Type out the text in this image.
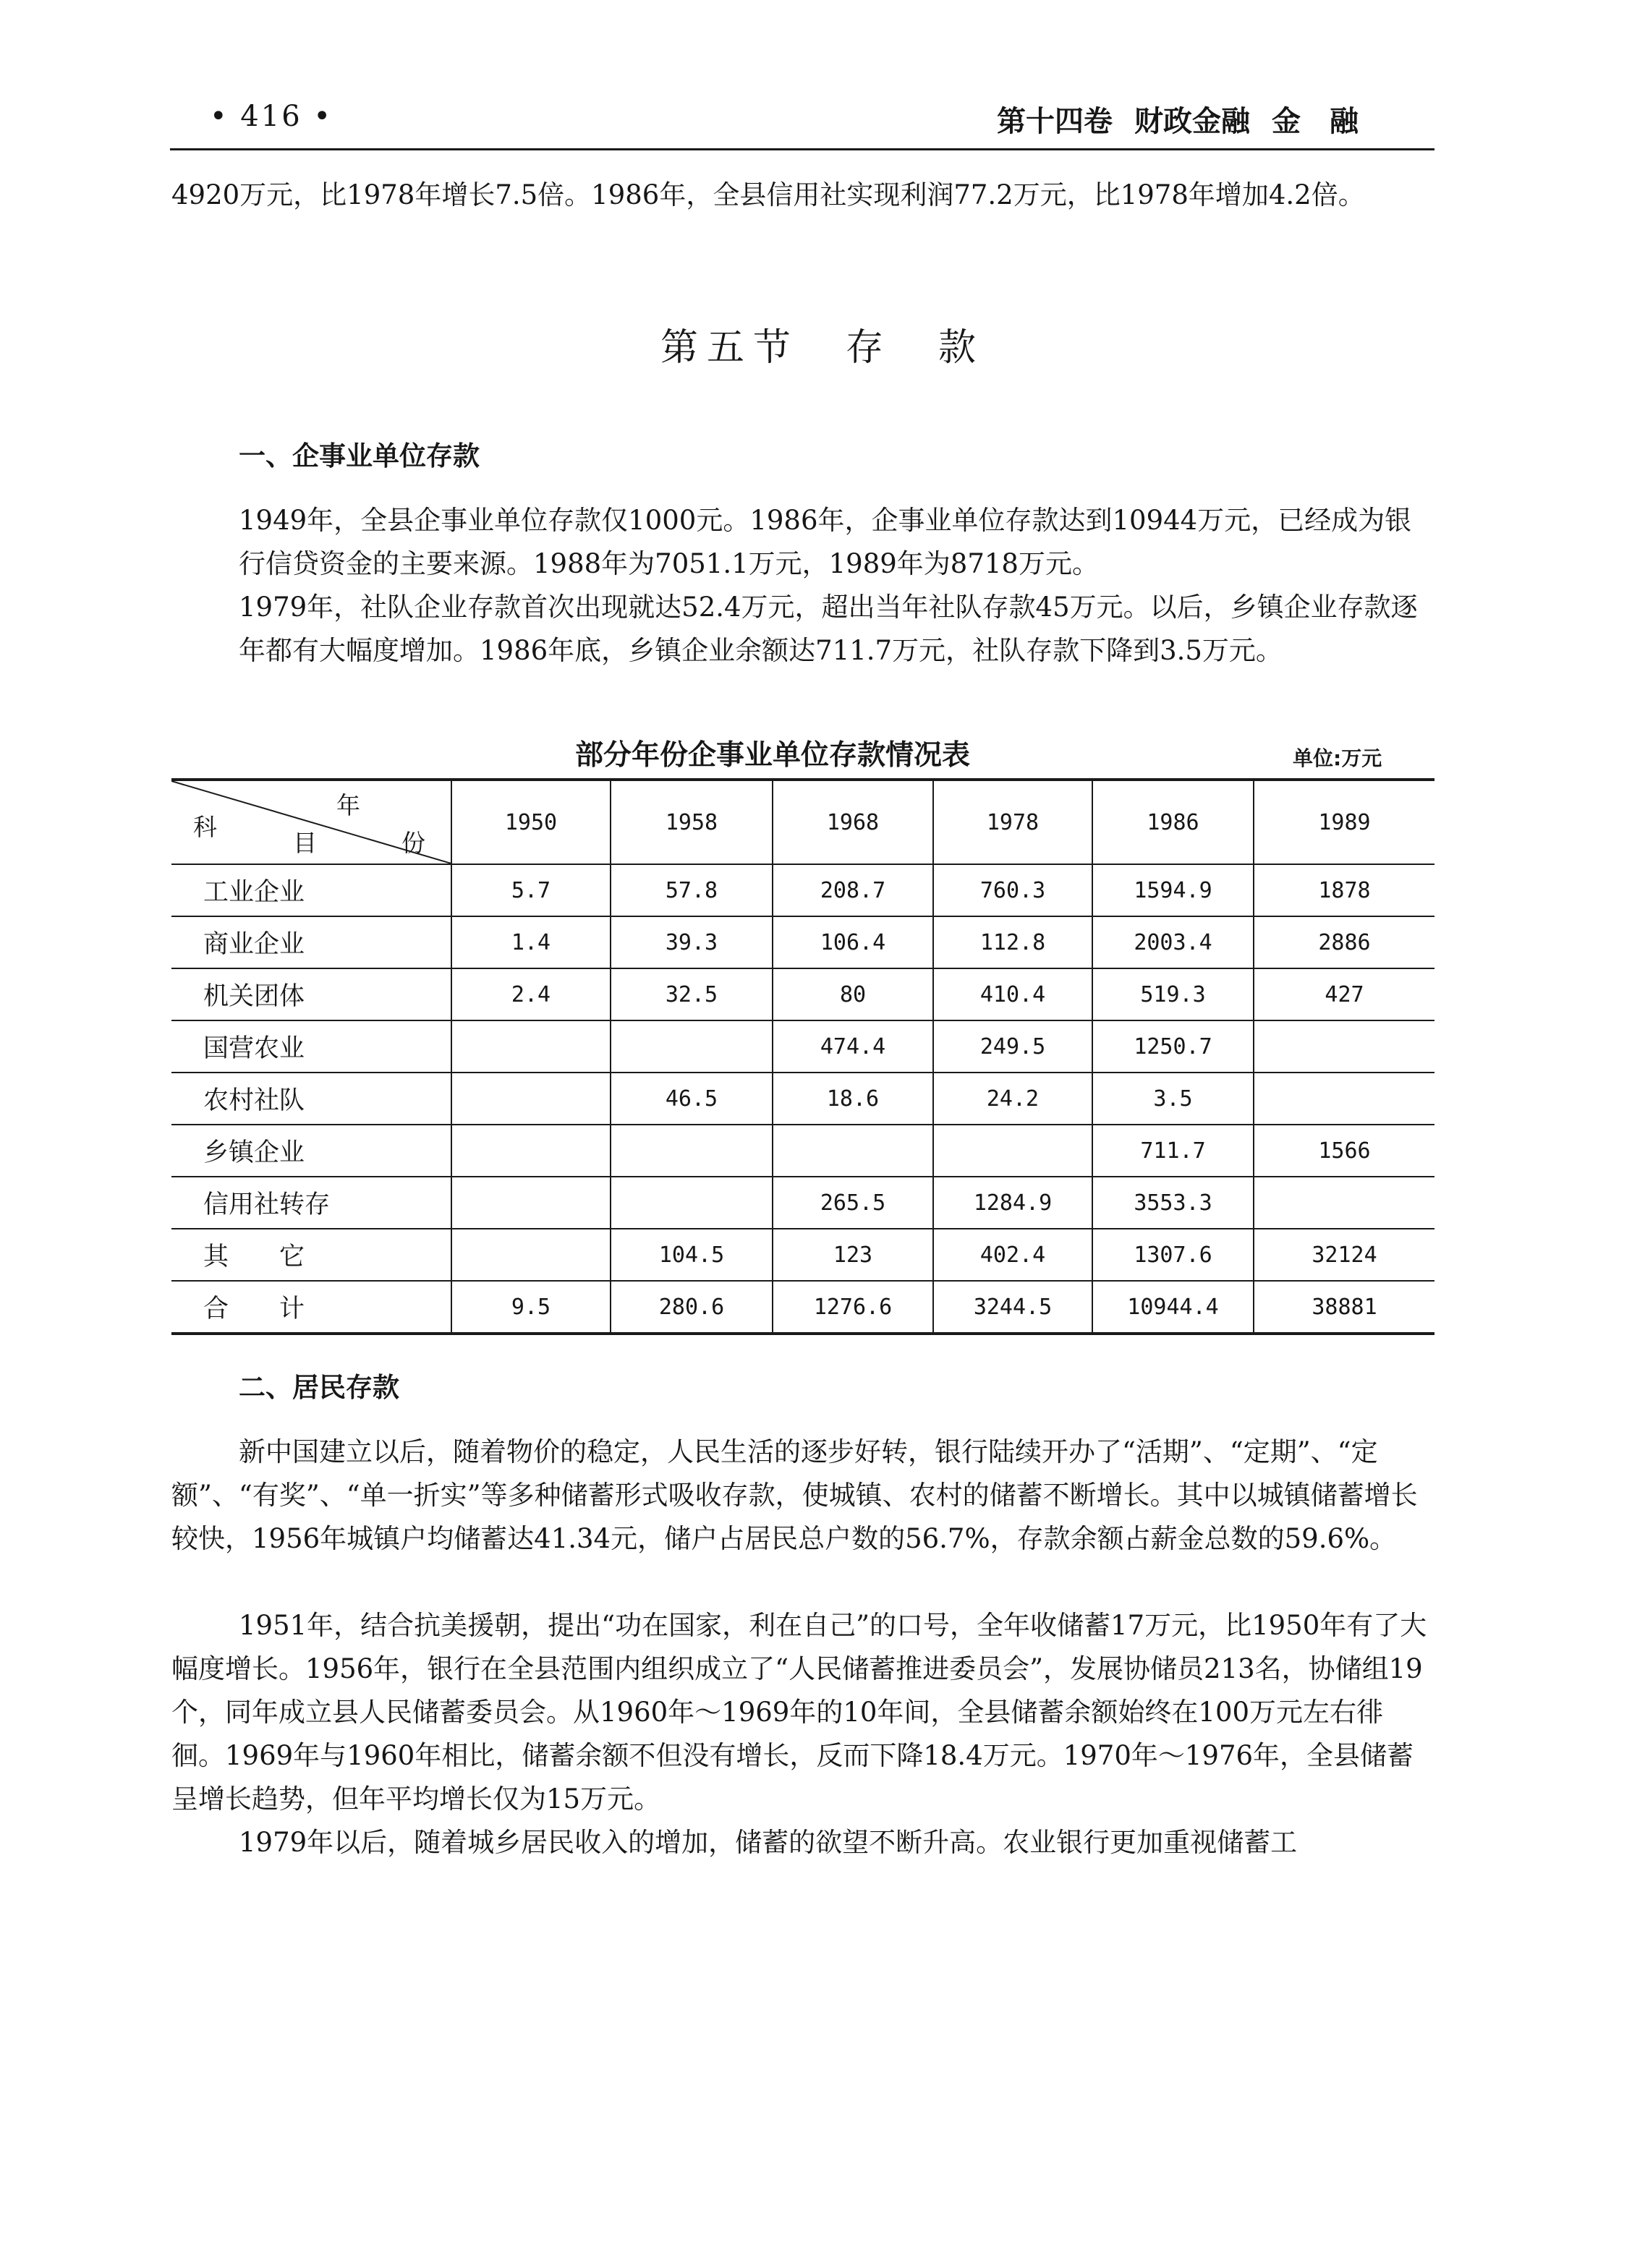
• 416 •	第十四卷 财政金融 金　融
4920万元，比1978年增长7.5倍。1986年，全县信用社实现利润77.2万元，比1978年增加4.2倍。
第五节　存　款
一、企事业单位存款
1949年，全县企事业单位存款仅1000元。1986年，企事业单位存款达到10944万元，已经成为银行信贷资金的主要来源。1988年为7051.1万元，1989年为8718万元。
1979年，社队企业存款首次出现就达52.4万元，超出当年社队存款45万元。以后，乡镇企业存款逐年都有大幅度增加。1986年底，乡镇企业余额达711.7万元，社队存款下降到3.5万元。
部分年份企事业单位存款情况表	单位:万元
年
科
目 份	1950	1958	1968	1978	1986	1989
工业企业	5.7	57.8	208.7	760.3	1594.9	1878
商业企业	1.4	39.3	106.4	112.8	2003.4	2886
机关团体	2.4	32.5	80	410.4	519.3	427
国营农业			474.4	249.5	1250.7	
农村社队		46.5	18.6	24.2	3.5	
乡镇企业					711.7	1566
信用社转存			265.5	1284.9	3553.3	
其　　它		104.5	123	402.4	1307.6	32124
合　　计	9.5	280.6	1276.6	3244.5	10944.4	38881
二、居民存款
新中国建立以后，随着物价的稳定，人民生活的逐步好转，银行陆续开办了“活期”、“定期”、“定额”、“有奖”、“单一折实”等多种储蓄形式吸收存款，使城镇、农村的储蓄不断增长。其中以城镇储蓄增长较快，1956年城镇户均储蓄达41.34元，储户占居民总户数的56.7%，存款余额占薪金总数的59.6%。
1951年，结合抗美援朝，提出“功在国家，利在自己”的口号，全年收储蓄17万元，比1950年有了大幅度增长。1956年，银行在全县范围内组织成立了“人民储蓄推进委员会”，发展协储员213名，协储组19个，同年成立县人民储蓄委员会。从1960年～1969年的10年间，全县储蓄余额始终在100万元左右徘徊。1969年与1960年相比，储蓄余额不但没有增长，反而下降18.4万元。1970年～1976年，全县储蓄呈增长趋势，但年平均增长仅为15万元。
1979年以后，随着城乡居民收入的增加，储蓄的欲望不断升高。农业银行更加重视储蓄工
